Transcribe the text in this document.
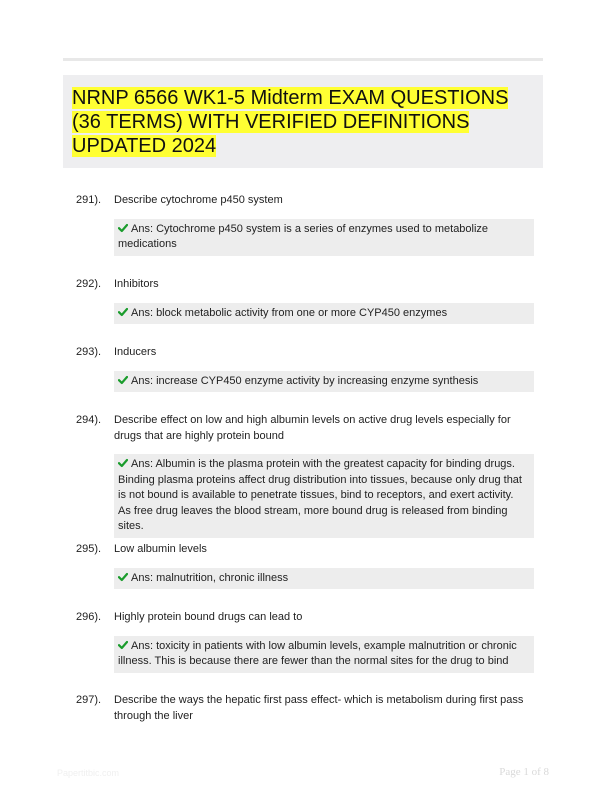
NRNP 6566 WK1-5 Midterm EXAM QUESTIONS (36 TERMS) WITH VERIFIED DEFINITIONS UPDATED 2024
291). Describe cytochrome p450 system
Ans: Cytochrome p450 system is a series of enzymes used to metabolize medications
292). Inhibitors
Ans: block metabolic activity from one or more CYP450 enzymes
293). Inducers
Ans: increase CYP450 enzyme activity by increasing enzyme synthesis
294). Describe effect on low and high albumin levels on active drug levels especially for drugs that are highly protein bound
Ans: Albumin is the plasma protein with the greatest capacity for binding drugs. Binding plasma proteins affect drug distribution into tissues, because only drug that is not bound is available to penetrate tissues, bind to receptors, and exert activity. As free drug leaves the blood stream, more bound drug is released from binding sites.
295). Low albumin levels
Ans: malnutrition, chronic illness
296). Highly protein bound drugs can lead to
Ans: toxicity in patients with low albumin levels, example malnutrition or chronic illness. This is because there are fewer than the normal sites for the drug to bind
297). Describe the ways the hepatic first pass effect- which is metabolism during first pass through the liver
Papertitbic.com	Page 1 of 8
